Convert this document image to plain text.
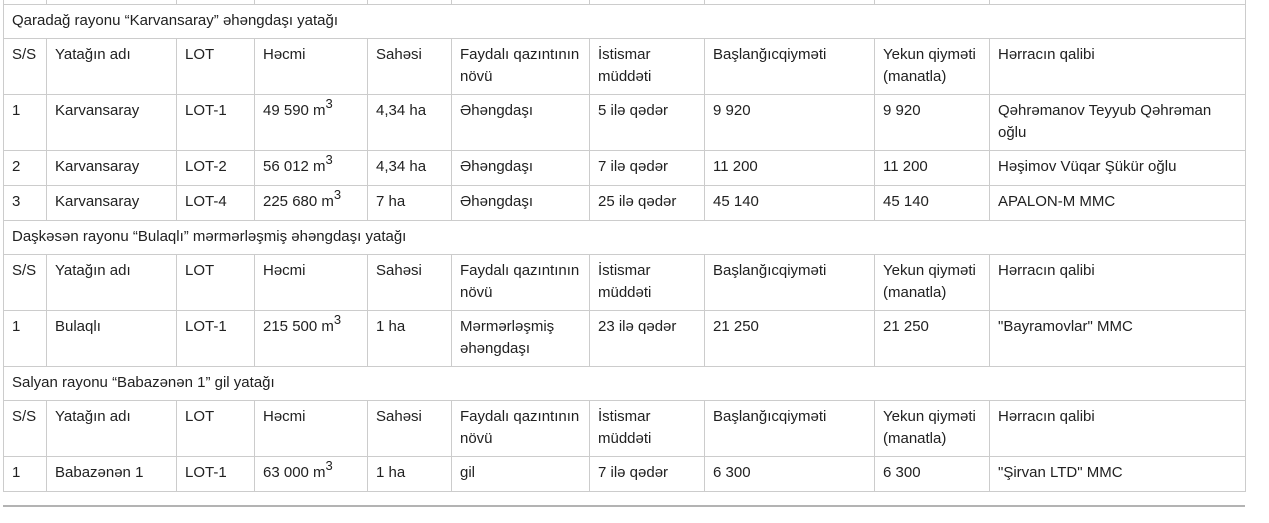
Qaradağ rayonu “Karvansaray” əhəngdaşı yatağı									
S/S	Yatağın adı	LOT	Həcmi	Sahəsi	Faydalı qazıntının növü	İstismar müddəti	Başlanğıcqiyməti	Yekun qiyməti (manatla)	Hərracın qalibi
1	Karvansaray	LOT-1	49 590 m3	4,34 ha	Əhəngdaşı	5 ilə qədər	9 920	9 920	Qəhrəmanov Teyyub Qəhrəman oğlu
2	Karvansaray	LOT-2	56 012 m3	4,34 ha	Əhəngdaşı	7 ilə qədər	11 200	11 200	Həşimov Vüqar Şükür oğlu
3	Karvansaray	LOT-4	225 680 m3	7 ha	Əhəngdaşı	25 ilə qədər	45 140	45 140	APALON-M MMC
Daşkəsən rayonu “Bulaqlı” mərmərləşmiş əhəngdaşı yatağı									
S/S	Yatağın adı	LOT	Həcmi	Sahəsi	Faydalı qazıntının növü	İstismar müddəti	Başlanğıcqiyməti	Yekun qiyməti (manatla)	Hərracın qalibi
1	Bulaqlı	LOT-1	215 500 m3	1 ha	Mərmərləşmiş əhəngdaşı	23 ilə qədər	21 250	21 250	"Bayramovlar" MMC
Salyan rayonu “Babazənən 1” gil yatağı									
S/S	Yatağın adı	LOT	Həcmi	Sahəsi	Faydalı qazıntının növü	İstismar müddəti	Başlanğıcqiyməti	Yekun qiyməti (manatla)	Hərracın qalibi
1	Babazənən 1	LOT-1	63 000 m3	1 ha	gil	7 ilə qədər	6 300	6 300	"Şirvan LTD" MMC
